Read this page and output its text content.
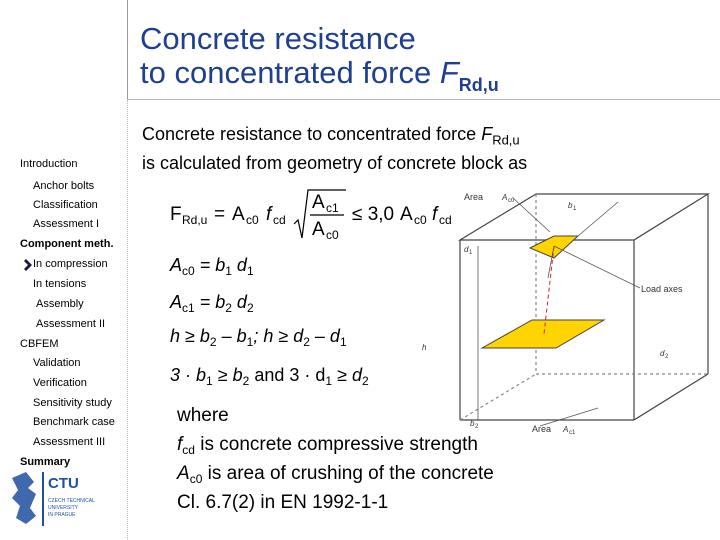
Concrete resistance
to concentrated force $F_{Rd,u}$
Introduction
Anchor bolts
Classification
Assessment I
Component meth.
In compression
In tensions
Assembly
Assessment II
CBFEM
Validation
Verification
Sensitivity study
Benchmark case
Assessment III
Summary
Concrete resistance to concentrated force $F_{Rd,u}$
is calculated from geometry of concrete block as
F Rd,u = A c0 f cd
A c1
A c0
≤ 3,0 A c0 f cd
$A_{c0} = b_1$ $d_1$
$A_{c1} = b_2$ $d_2$
$h \ge b_2 - b_1$; $h \ge d_2 - d_1$
$3 \cdot b_1 \ge b_2$ and $3 \cdot d_1 \ge d_2$
where
$f_{cd}$ is concrete compressive strength
$A_{c0}$ is area of crushing of the concrete
Cl. 6.7(2) in EN 1992-1-1
Area A c0	b 1
d 1
Load axes
h
d 2
b 2	Area A c1
CTU
CZECH TECHNICAL
UNIVERSITY
IN PRAGUE
